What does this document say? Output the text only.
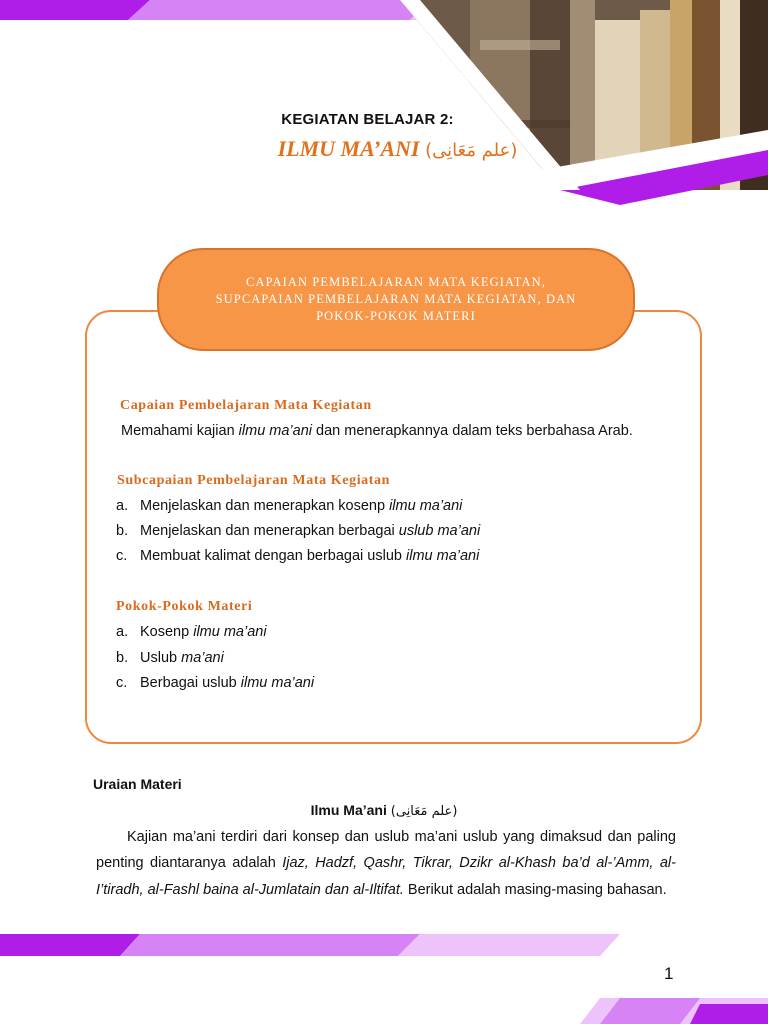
KEGIATAN BELAJAR 2:
ILMU MA’ANI (علم مَعَانِى)
CAPAIAN PEMBELAJARAN MATA KEGIATAN,
SUPCAPAIAN PEMBELAJARAN MATA KEGIATAN, DAN
POKOK-POKOK MATERI
Capaian Pembelajaran Mata Kegiatan
Memahami kajian ilmu ma’ani dan menerapkannya dalam teks berbahasa Arab.
Subcapaian Pembelajaran Mata Kegiatan
a. Menjelaskan dan menerapkan kosenp ilmu ma’ani
b. Menjelaskan dan menerapkan berbagai uslub ma’ani
c. Membuat kalimat dengan berbagai uslub ilmu ma’ani
Pokok-Pokok Materi
a. Kosenp ilmu ma’ani
b. Uslub ma’ani
c. Berbagai uslub ilmu ma’ani
Uraian Materi
Ilmu Ma’ani (علم مَعَانِى)
Kajian ma’ani terdiri dari konsep dan uslub ma’ani uslub yang dimaksud dan paling penting diantaranya adalah Ijaz, Hadzf, Qashr, Tikrar, Dzikr al-Khash ba’d al-’Amm, al-I’tiradh, al-Fashl baina al-Jumlatain dan al-Iltifat. Berikut adalah masing-masing bahasan.
1
